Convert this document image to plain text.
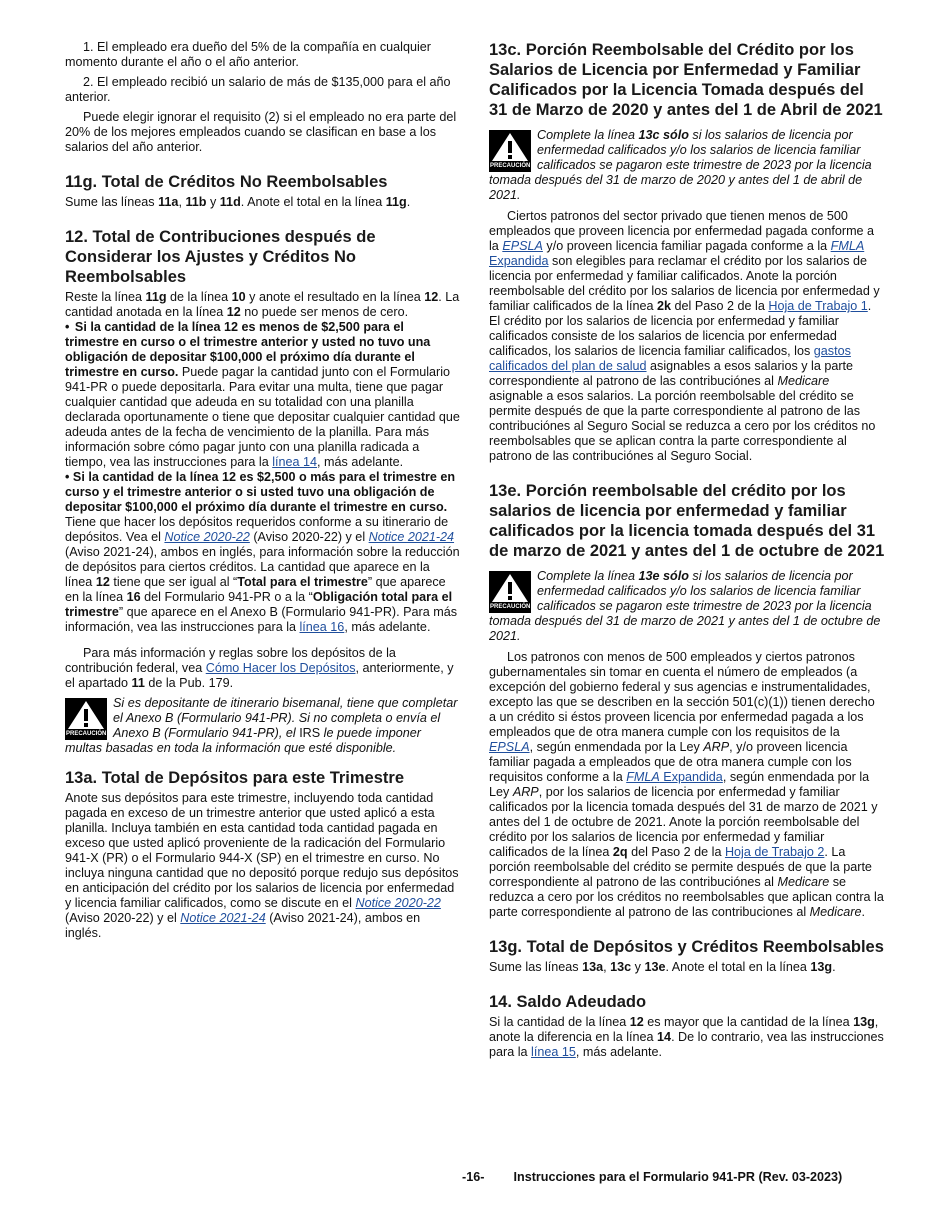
1. El empleado era dueño del 5% de la compañía en cualquier momento durante el año o el año anterior.

2. El empleado recibió un salario de más de $135,000 para el año anterior.

Puede elegir ignorar el requisito (2) si el empleado no era parte del 20% de los mejores empleados cuando se clasifican en base a los salarios del año anterior.

11g. Total de Créditos No Reembolsables

Sume las líneas 11a, 11b y 11d. Anote el total en la línea 11g.

12. Total de Contribuciones después de Considerar los Ajustes y Créditos No Reembolsables

Reste la línea 11g de la línea 10 y anote el resultado en la línea 12. La cantidad anotada en la línea 12 no puede ser menos de cero.

• Si la cantidad de la línea 12 es menos de $2,500 para el trimestre en curso o el trimestre anterior y usted no tuvo una obligación de depositar $100,000 el próximo día durante el trimestre en curso. Puede pagar la cantidad junto con el Formulario 941-PR o puede depositarla. Para evitar una multa, tiene que pagar cualquier cantidad que adeuda en su totalidad con una planilla declarada oportunamente o tiene que depositar cualquier cantidad que adeuda antes de la fecha de vencimiento de la planilla. Para más información sobre cómo pagar junto con una planilla radicada a tiempo, vea las instrucciones para la línea 14, más adelante.

• Si la cantidad de la línea 12 es $2,500 o más para el trimestre en curso y el trimestre anterior o si usted tuvo una obligación de depositar $100,000 el próximo día durante el trimestre en curso. Tiene que hacer los depósitos requeridos conforme a su itinerario de depósitos. Vea el Notice 2020-22 (Aviso 2020-22) y el Notice 2021-24 (Aviso 2021-24), ambos en inglés, para información sobre la reducción de depósitos para ciertos créditos. La cantidad que aparece en la línea 12 tiene que ser igual al “Total para el trimestre” que aparece en la línea 16 del Formulario 941-PR o a la “Obligación total para el trimestre” que aparece en el Anexo B (Formulario 941-PR). Para más información, vea las instrucciones para la línea 16, más adelante.

Para más información y reglas sobre los depósitos de la contribución federal, vea Cómo Hacer los Depósitos, anteriormente, y el apartado 11 de la Pub. 179.

PRECAUCIÓN
Si es depositante de itinerario bisemanal, tiene que completar el Anexo B (Formulario 941-PR). Si no completa o envía el Anexo B (Formulario 941-PR), el IRS le puede imponer multas basadas en toda la información que esté disponible.
13a. Total de Depósitos para este Trimestre

Anote sus depósitos para este trimestre, incluyendo toda cantidad pagada en exceso de un trimestre anterior que usted aplicó a esta planilla. Incluya también en esta cantidad toda cantidad pagada en exceso que usted aplicó proveniente de la radicación del Formulario 941-X (PR) o el Formulario 944-X (SP) en el trimestre en curso. No incluya ninguna cantidad que no depositó porque redujo sus depósitos en anticipación del crédito por los salarios de licencia por enfermedad y licencia familiar calificados, como se discute en el Notice 2020-22 (Aviso 2020-22) y el Notice 2021-24 (Aviso 2021-24), ambos en inglés.

13c. Porción Reembolsable del Crédito por los Salarios de Licencia por Enfermedad y Familiar Calificados por la Licencia Tomada después del 31 de Marzo de 2020 y antes del 1 de Abril de 2021
PRECAUCIÓN
Complete la línea 13c sólo si los salarios de licencia por enfermedad calificados y/o los salarios de licencia familiar calificados se pagaron este trimestre de 2023 por la licencia tomada después del 31 de marzo de 2020 y antes del 1 de abril de 2021.

Ciertos patronos del sector privado que tienen menos de 500 empleados que proveen licencia por enfermedad pagada conforme a la EPSLA y/o proveen licencia familiar pagada conforme a la FMLA Expandida son elegibles para reclamar el crédito por los salarios de licencia por enfermedad y familiar calificados. Anote la porción reembolsable del crédito por los salarios de licencia por enfermedad y familiar calificados de la línea 2k del Paso 2 de la Hoja de Trabajo 1. El crédito por los salarios de licencia por enfermedad y familiar calificados consiste de los salarios de licencia por enfermedad calificados, los salarios de licencia familiar calificados, los gastos calificados del plan de salud asignables a esos salarios y la parte correspondiente al patrono de las contribuciónes al Medicare asignable a esos salarios. La porción reembolsable del crédito se permite después de que la parte correspondiente al patrono de las contribuciónes al Seguro Social se reduzca a cero por los créditos no reembolsables que se aplican contra la parte correspondiente al patrono de las contribuciónes al Seguro Social.

13e. Porción reembolsable del crédito por los salarios de licencia por enfermedad y familiar calificados por la licencia tomada después del 31 de marzo de 2021 y antes del 1 de octubre de 2021
PRECAUCIÓN
Complete la línea 13e sólo si los salarios de licencia por enfermedad calificados y/o los salarios de licencia familiar calificados se pagaron este trimestre de 2023 por la licencia tomada después del 31 de marzo de 2021 y antes del 1 de octubre de 2021.

Los patronos con menos de 500 empleados y ciertos patronos gubernamentales sin tomar en cuenta el número de empleados (a excepción del gobierno federal y sus agencias e instrumentalidades, excepto las que se describen en la sección 501(c)(1)) tienen derecho a un crédito si éstos proveen licencia por enfermedad pagada a los empleados que de otra manera cumple con los requisitos de la EPSLA, según enmendada por la Ley ARP, y/o proveen licencia familiar pagada a empleados que de otra manera cumple con los requisitos conforme a la FMLA Expandida, según enmendada por la Ley ARP, por los salarios de licencia por enfermedad y familiar calificados por la licencia tomada después del 31 de marzo de 2021 y antes del 1 de octubre de 2021. Anote la porción reembolsable del crédito por los salarios de licencia por enfermedad y familiar calificados de la línea 2q del Paso 2 de la Hoja de Trabajo 2. La porción reembolsable del crédito se permite después de que la parte correspondiente al patrono de las contribuciónes al Medicare se reduzca a cero por los créditos no reembolsables que aplican contra la parte correspondiente al patrono de las contribuciones al Medicare.

13g. Total de Depósitos y Créditos Reembolsables

Sume las líneas 13a, 13c y 13e. Anote el total en la línea 13g.

14. Saldo Adeudado

Si la cantidad de la línea 12 es mayor que la cantidad de la línea 13g, anote la diferencia en la línea 14. De lo contrario, vea las instrucciones para la línea 15, más adelante.

-16- Instrucciones para el Formulario 941-PR (Rev. 03-2023)
